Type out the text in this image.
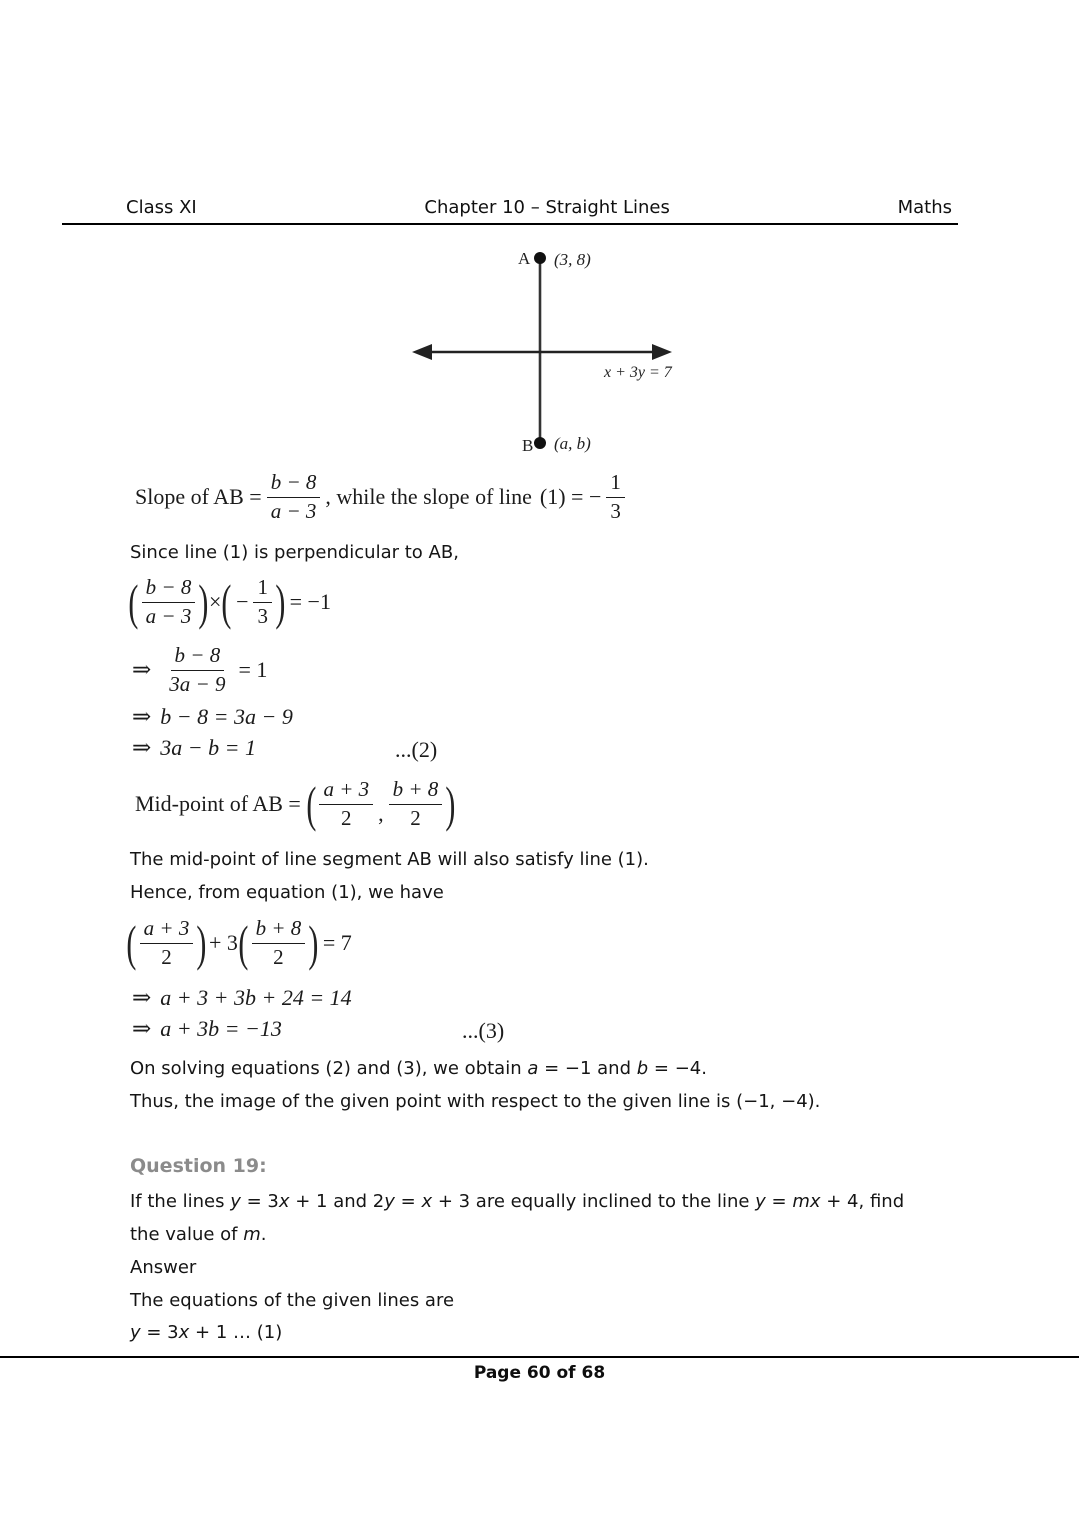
Class XI	Chapter 10 – Straight Lines	Maths
A (3, 8)
B (a, b)
x + 3y = 7
Slope of AB = $\frac{b - 8}{a - 3}$ , while the slope of line (1) = − $\frac{1}{3}$
Since line (1) is perpendicular to AB,
( $\frac{b - 8}{a - 3}$ ) × ( − $\frac{1}{3}$ ) = −1
⇒ $\frac{b - 8}{3a - 9} = 1$
⇒ b − 8 = 3a − 9
⇒ 3a − b = 1	...(2)
Mid-point of AB = ( $\frac{a + 3}{2}$ , $\frac{b + 8}{2}$ )
The mid-point of line segment AB will also satisfy line (1).
Hence, from equation (1), we have
( $\frac{a + 3}{2}$ ) + 3 ( $\frac{b + 8}{2}$ ) = 7
⇒ a + 3 + 3b + 24 = 14
⇒ a + 3b = −13	...(3)
On solving equations (2) and (3), we obtain a = −1 and b = −4.
Thus, the image of the given point with respect to the given line is (−1, −4).
Question 19:
If the lines y = 3x + 1 and 2y = x + 3 are equally inclined to the line y = mx + 4, find
the value of m.
Answer
The equations of the given lines are
y = 3x + 1 … (1)
Page 60 of 68
